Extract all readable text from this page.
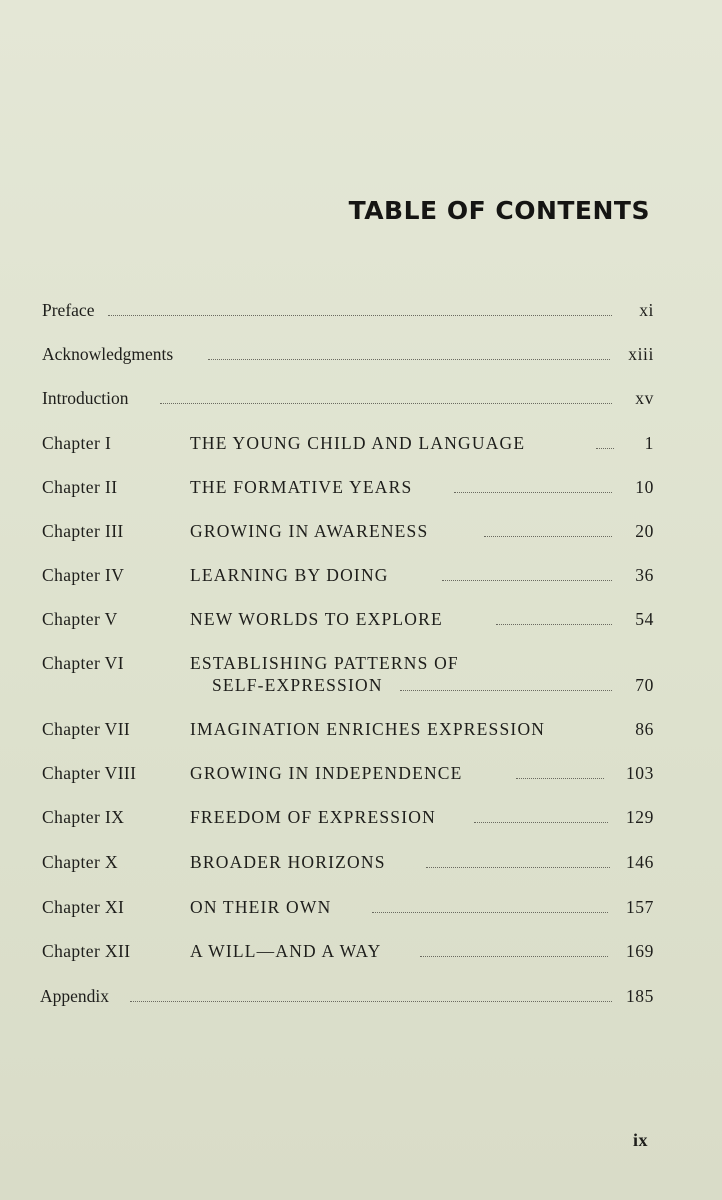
TABLE OF CONTENTS
Preface	xi
Acknowledgments	xiii
Introduction	xv
Chapter I	THE YOUNG CHILD AND LANGUAGE	1
Chapter II	THE FORMATIVE YEARS	10
Chapter III	GROWING IN AWARENESS	20
Chapter IV	LEARNING BY DOING	36
Chapter V	NEW WORLDS TO EXPLORE	54
Chapter VI	ESTABLISHING PATTERNS OF
SELF-EXPRESSION	70
Chapter VII	IMAGINATION ENRICHES EXPRESSION	86
Chapter VIII	GROWING IN INDEPENDENCE	103
Chapter IX	FREEDOM OF EXPRESSION	129
Chapter X	BROADER HORIZONS	146
Chapter XI	ON THEIR OWN	157
Chapter XII	A WILL—AND A WAY	169
Appendix	185
ix
